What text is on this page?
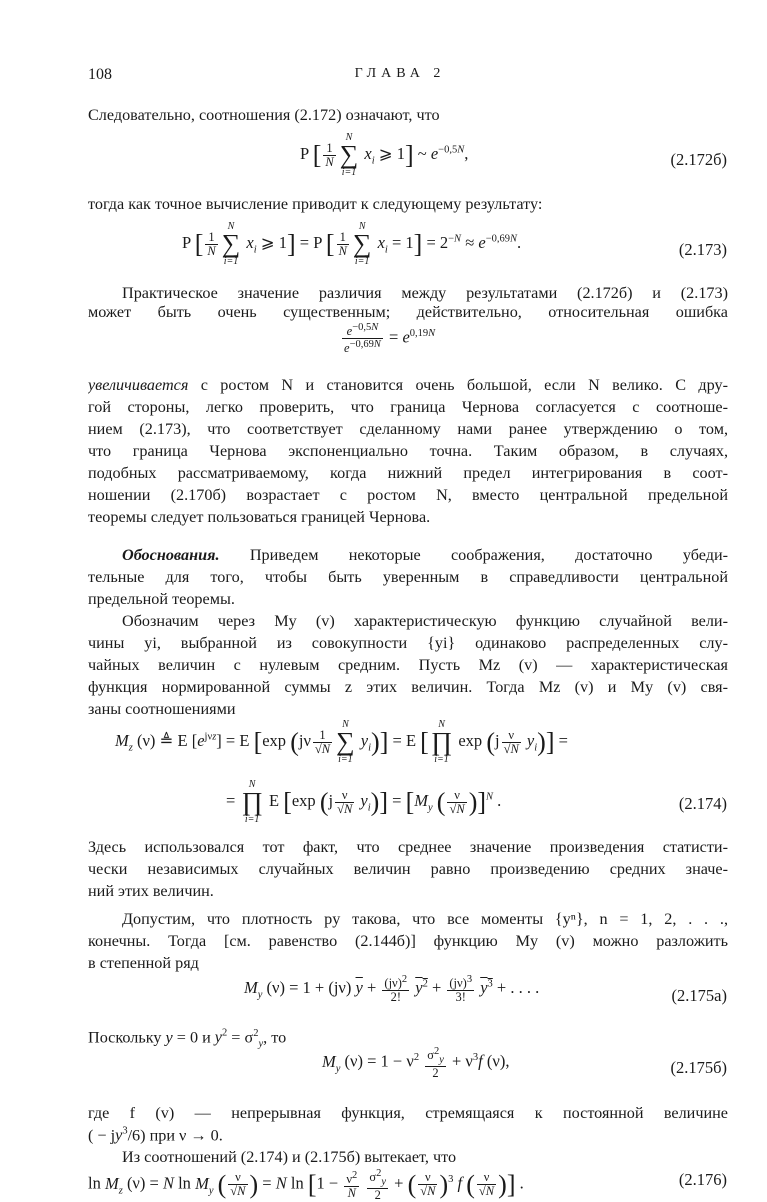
108	ГЛАВА 2
Следовательно, соотношения (2.172) означают, что
P [ $\frac{1}{N}$
N
∑
i=1
$x_i$ ⩾ 1] ~ $e^{-0,5N}$,	(2.172б)
тогда как точное вычисление приводит к следующему результату:
P [ $\frac{1}{N}$
N
∑
i=1
$x_i$ ⩾ 1] = P [ $\frac{1}{N}$
N
∑
i=1
$x_i = 1] = 2^{-N} \approx e^{-0,69N}$.	(2.173)
Практическое значение различия между результатами (2.172б) и (2.173)
может быть очень существенным; действительно, относительная ошибка
$\frac{e^{-0,5N}}{e^{-0,69N}} = e^{0,19N}$
увеличивается с ростом N и становится очень большой, если N велико. С дру-
гой стороны, легко проверить, что граница Чернова согласуется с соотноше-
нием (2.173), что соответствует сделанному нами ранее утверждению о том,
что граница Чернова экспоненциально точна. Таким образом, в случаях,
подобных рассматриваемому, когда нижний предел интегрирования в соот-
ношении (2.170б) возрастает с ростом N, вместо центральной предельной
теоремы следует пользоваться границей Чернова.
Обоснования. Приведем некоторые соображения, достаточно убеди-
тельные для того, чтобы быть уверенным в справедливости центральной
предельной теоремы.
Обозначим через My (v) характеристическую функцию случайной вели-
чины yi, выбранной из совокупности {yi} одинаково распределенных слу-
чайных величин с нулевым средним. Пусть Mz (v) — характеристическая
функция нормированной суммы z этих величин. Тогда Mz (v) и My (v) свя-
заны соотношениями
$M_z$ (ν) ≜ E $[e^{j\nu z}] = E$ [exp ($j\nu \frac{1}{√N}$
N
∑
i=1
$y_i)] = E$ [
N
∏
i=1
$\exp (j \frac{\nu}{√N} y_i)$] =
=
N
∏
i=1
E [exp $(j \frac{\nu}{√N} y_i)] = [M_y$ ( $\frac{\nu}{√N} )]^N$ .	(2.174)
Здесь использовался тот факт, что среднее значение произведения статисти-
чески независимых случайных величин равно произведению средних значе-
ний этих величин.
Допустим, что плотность py такова, что все моменты {yⁿ}, n = 1, 2, . . .,
конечны. Тогда [см. равенство (2.144б)] функцию My (v) можно разложить
в степенной ряд
$M_y$ (ν) = 1 + (jν) $\overline{y} + \frac{(j\nu)^2}{2!} y^2 + \frac{(j\nu)^3}{3!} y^3$ + . . . .	(2.175а)
Поскольку $\overline{y} = 0$ и $y^2 = \sigma^2_y$, то
$M_y$ $(\nu) = 1 - \nu^2 \frac{\sigma^2_y}{2} + \nu^3f$ (ν),	(2.175б)
где f (v) — непрерывная функция, стремящаяся к постоянной величине
( − $jy^3/6$) при ν → 0.
Из соотношений (2.174) и (2.175б) вытекает, что
$\ln M_z$ (ν) = N $\ln M_y$ ( $\frac{\nu}{√N}$ ) = N $\ln [1 - \frac{\nu^2}{N}$
$\frac{\sigma^2_y}{2}$ + ( $\frac{\nu}{√N} )^3$ f ( $\frac{\nu}{√N}$ )] .	(2.176)
